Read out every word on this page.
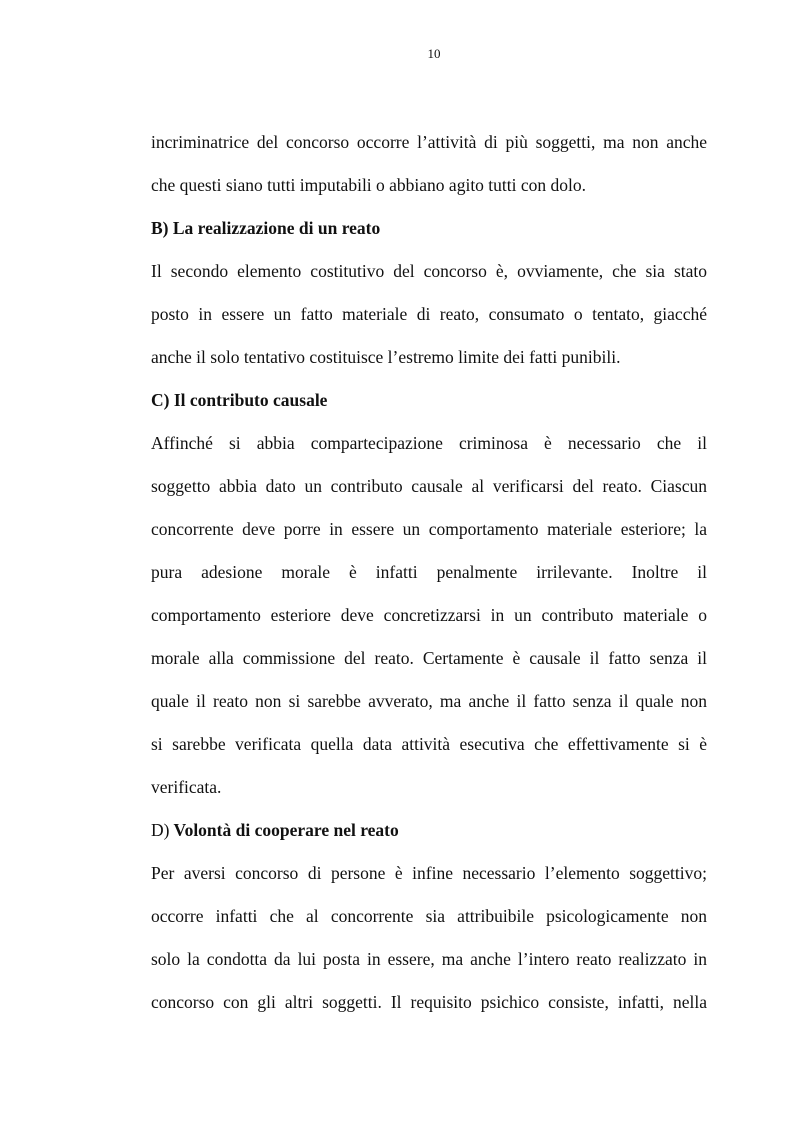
10
incriminatrice del concorso occorre l’attività di più soggetti, ma non anche
che questi siano tutti imputabili o abbiano agito tutti con dolo.
B) La realizzazione di un reato
Il secondo elemento costitutivo del concorso è, ovviamente, che sia stato
posto in essere un fatto materiale di reato, consumato o tentato, giacché
anche il solo tentativo costituisce l’estremo limite dei fatti punibili.
C) Il contributo causale
Affinché si abbia compartecipazione criminosa è necessario che il
soggetto abbia dato un contributo causale al verificarsi del reato. Ciascun
concorrente deve porre in essere un comportamento materiale esteriore; la
pura adesione morale è infatti penalmente irrilevante. Inoltre il
comportamento esteriore deve concretizzarsi in un contributo materiale o
morale alla commissione del reato. Certamente è causale il fatto senza il
quale il reato non si sarebbe avverato, ma anche il fatto senza il quale non
si sarebbe verificata quella data attività esecutiva che effettivamente si è
verificata.
D) Volontà di cooperare nel reato
Per aversi concorso di persone è infine necessario l’elemento soggettivo;
occorre infatti che al concorrente sia attribuibile psicologicamente non
solo la condotta da lui posta in essere, ma anche l’intero reato realizzato in
concorso con gli altri soggetti. Il requisito psichico consiste, infatti, nella
